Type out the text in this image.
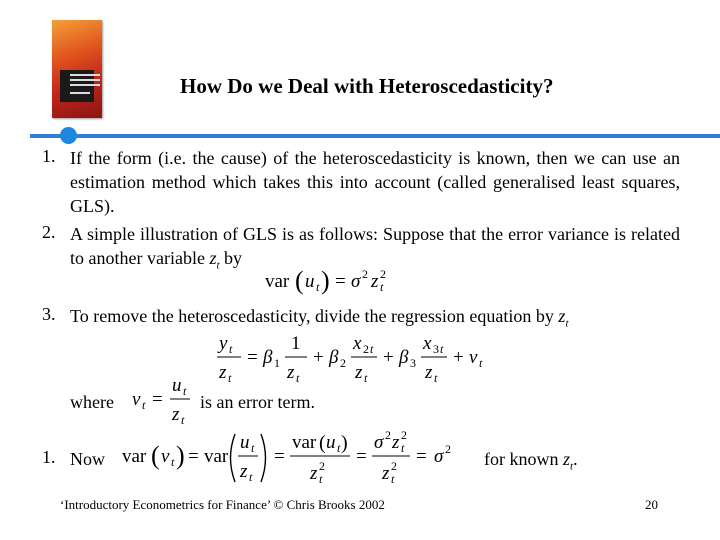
How Do we Deal with Heteroscedasticity?
1. If the form (i.e. the cause) of the heteroscedasticity is known, then we can use an estimation method which takes this into account (called generalised least squares, GLS).
2. A simple illustration of GLS is as follows: Suppose that the error variance is related to another variable $z_t$ by
var ( u t ) = σ 2 z t
2
3. To remove the heteroscedasticity, divide the regression equation by $z_t$
y t
z t
= β 1
1
z t
+ β 2
x 2 t
z t
+ β 3
x 3 t
z t
+ v t
where v t =
u t
z t
is an error term.
1. Now var ( v t ) = var
u t
z t
=
var ( u t )
z t
2 =
σ 2 z t
2
z t
2 = σ 2 for known $z_t$.
‘Introductory Econometrics for Finance’ © Chris Brooks 2002	20
